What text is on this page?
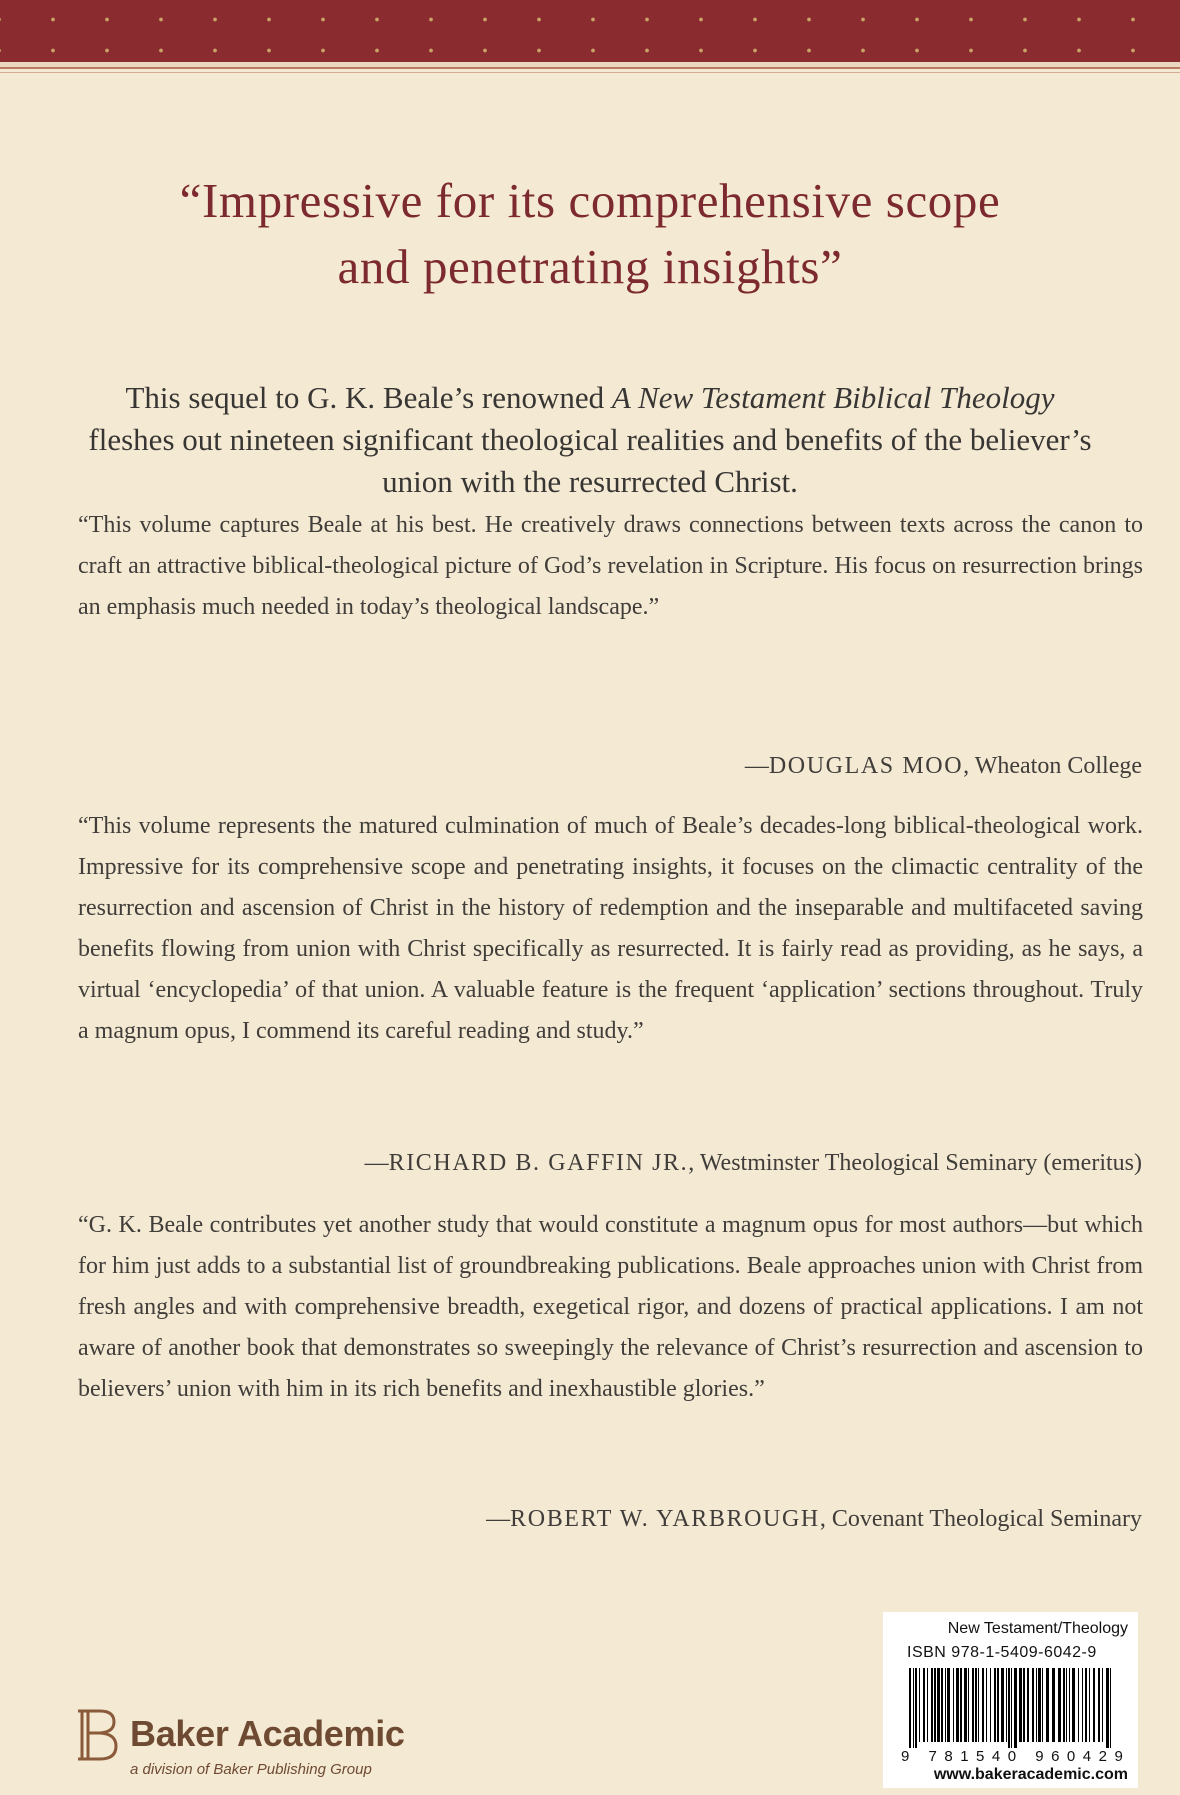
“Impressive for its comprehensive scope
and penetrating insights”
This sequel to G. K. Beale’s renowned A New Testament Biblical Theology fleshes out nineteen significant theological realities and benefits of the believer’s union with the resurrected Christ.
“This volume captures Beale at his best. He creatively draws connections between texts across the canon to craft an attractive biblical-theological picture of God’s revelation in Scripture. His focus on resurrection brings an emphasis much needed in today’s theological landscape.”
—DOUGLAS MOO, Wheaton College
“This volume represents the matured culmination of much of Beale’s decades-long biblical-theological work. Impressive for its comprehensive scope and penetrating insights, it focuses on the climactic centrality of the resurrection and ascension of Christ in the history of redemption and the inseparable and multifaceted saving benefits flowing from union with Christ specifically as resurrected. It is fairly read as providing, as he says, a virtual ‘encyclopedia’ of that union. A valuable feature is the frequent ‘application’ sections throughout. Truly a magnum opus, I commend its careful reading and study.”
—RICHARD B. GAFFIN JR., Westminster Theological Seminary (emeritus)
“G. K. Beale contributes yet another study that would constitute a magnum opus for most authors—but which for him just adds to a substantial list of groundbreaking publications. Beale approaches union with Christ from fresh angles and with comprehensive breadth, exegetical rigor, and dozens of practical applications. I am not aware of another book that demonstrates so sweepingly the relevance of Christ’s resurrection and ascension to believers’ union with him in its rich benefits and inexhaustible glories.”
—ROBERT W. YARBROUGH, Covenant Theological Seminary
New Testament/Theology
ISBN 978-1-5409-6042-9
9 781540 960429
www.bakeracademic.com
Baker Academic
a division of Baker Publishing Group
